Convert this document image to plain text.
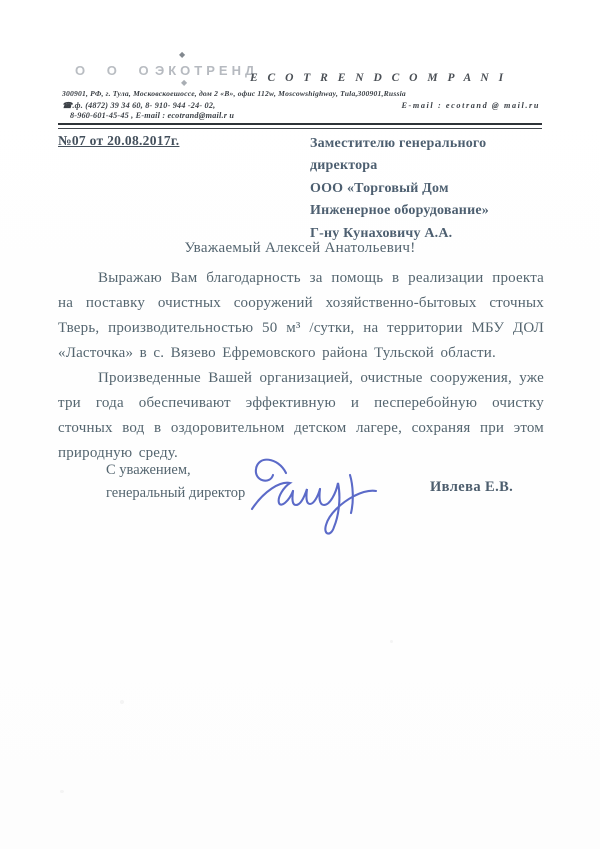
О О О
ЭКОТРЕНД
◆
◆	E C O T R E N D C O M P A N I
300901, РФ, г. Тула, Московскоешоссе, дом 2 «В», офис 112w, Moscowshighway, Tula,300901,Russia
☎.ф. (4872) 39 34 60, 8- 910- 944 -24- 02,	E-mail : ecotrand @ mail.ru
8-960-601-45-45 , E-mail : ecotrand@mail.r u
№07 от 20.08.2017г.	Заместителю генерального директора
ООО «Торговый Дом
Инженерное оборудование»
Г-ну Кунаховичу А.А.
Уважаемый Алексей Анатольевич!

Выражаю Вам благодарность за помощь в реализации проекта на поставку очистных сооружений хозяйственно-бытовых сточных Тверь, производительностью 50 м³ /сутки, на территории МБУ ДОЛ «Ласточка» в с. Вязево Ефремовского района Тульской области.

Произведенные Вашей организацией, очистные сооружения, уже три года обеспечивают эффективную и песперебойную очистку сточных вод в оздоровительном детском лагере, сохраняя при этом природную среду.

С уважением,
генеральный директор	Ивлева Е.В.
